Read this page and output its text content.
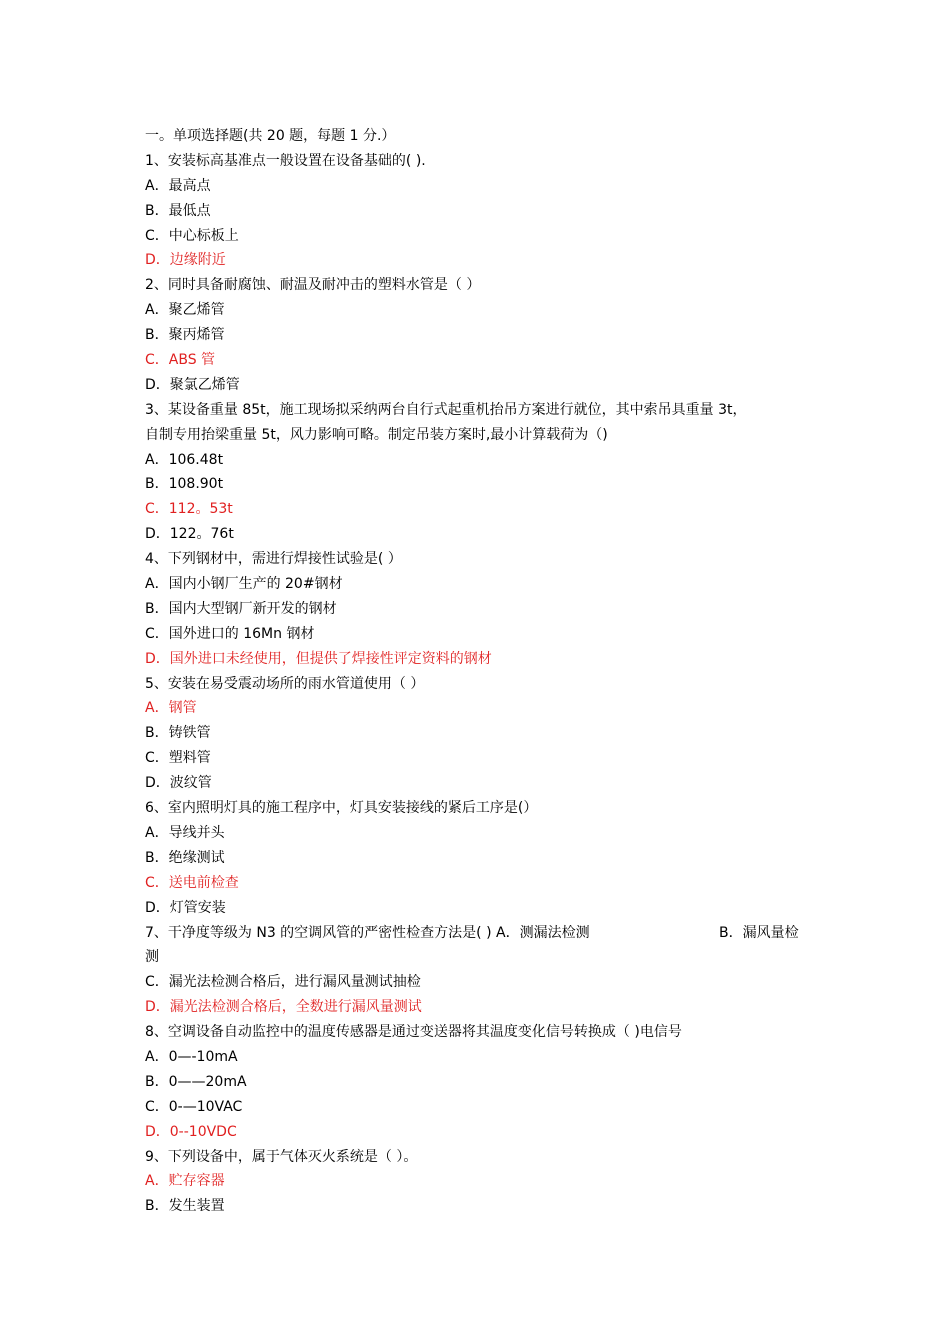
一。单项选择题(共 20 题，每题 1 分.）

1、安装标高基准点一般设置在设备基础的( ).

A．最高点

B．最低点

C．中心标板上

D．边缘附近

2、同时具备耐腐蚀、耐温及耐冲击的塑料水管是（ ）

A．聚乙烯管

B．聚丙烯管

C．ABS 管

D．聚氯乙烯管

3、某设备重量 85t，施工现场拟采纳两台自行式起重机抬吊方案进行就位，其中索吊具重量 3t，

自制专用抬梁重量 5t，风力影响可略。制定吊装方案时,最小计算载荷为（)

A．106.48t

B．108.90t

C．112。53t

D．122。76t

4、下列钢材中，需进行焊接性试验是( ）

A．国内小钢厂生产的 20#钢材

B．国内大型钢厂新开发的钢材

C．国外进口的 16Mn 钢材

D．国外进口未经使用，但提供了焊接性评定资料的钢材

5、安装在易受震动场所的雨水管道使用（ ）

A．钢管

B．铸铁管

C．塑料管

D．波纹管

6、室内照明灯具的施工程序中，灯具安装接线的紧后工序是(）

A．导线并头

B．绝缘测试

C．送电前检查

D．灯管安装

7、干净度等级为 N3 的空调风管的严密性检查方法是( ) A．测漏法检测	B．漏风量检

测

C．漏光法检测合格后，进行漏风量测试抽检

D．漏光法检测合格后，全数进行漏风量测试

8、空调设备自动监控中的温度传感器是通过变送器将其温度变化信号转换成（ )电信号

A．0—-10mA

B．0——20mA

C．0-—10VAC

D．0--10VDC

9、下列设备中，属于气体灭火系统是（ ）。

A．贮存容器

B．发生装置
